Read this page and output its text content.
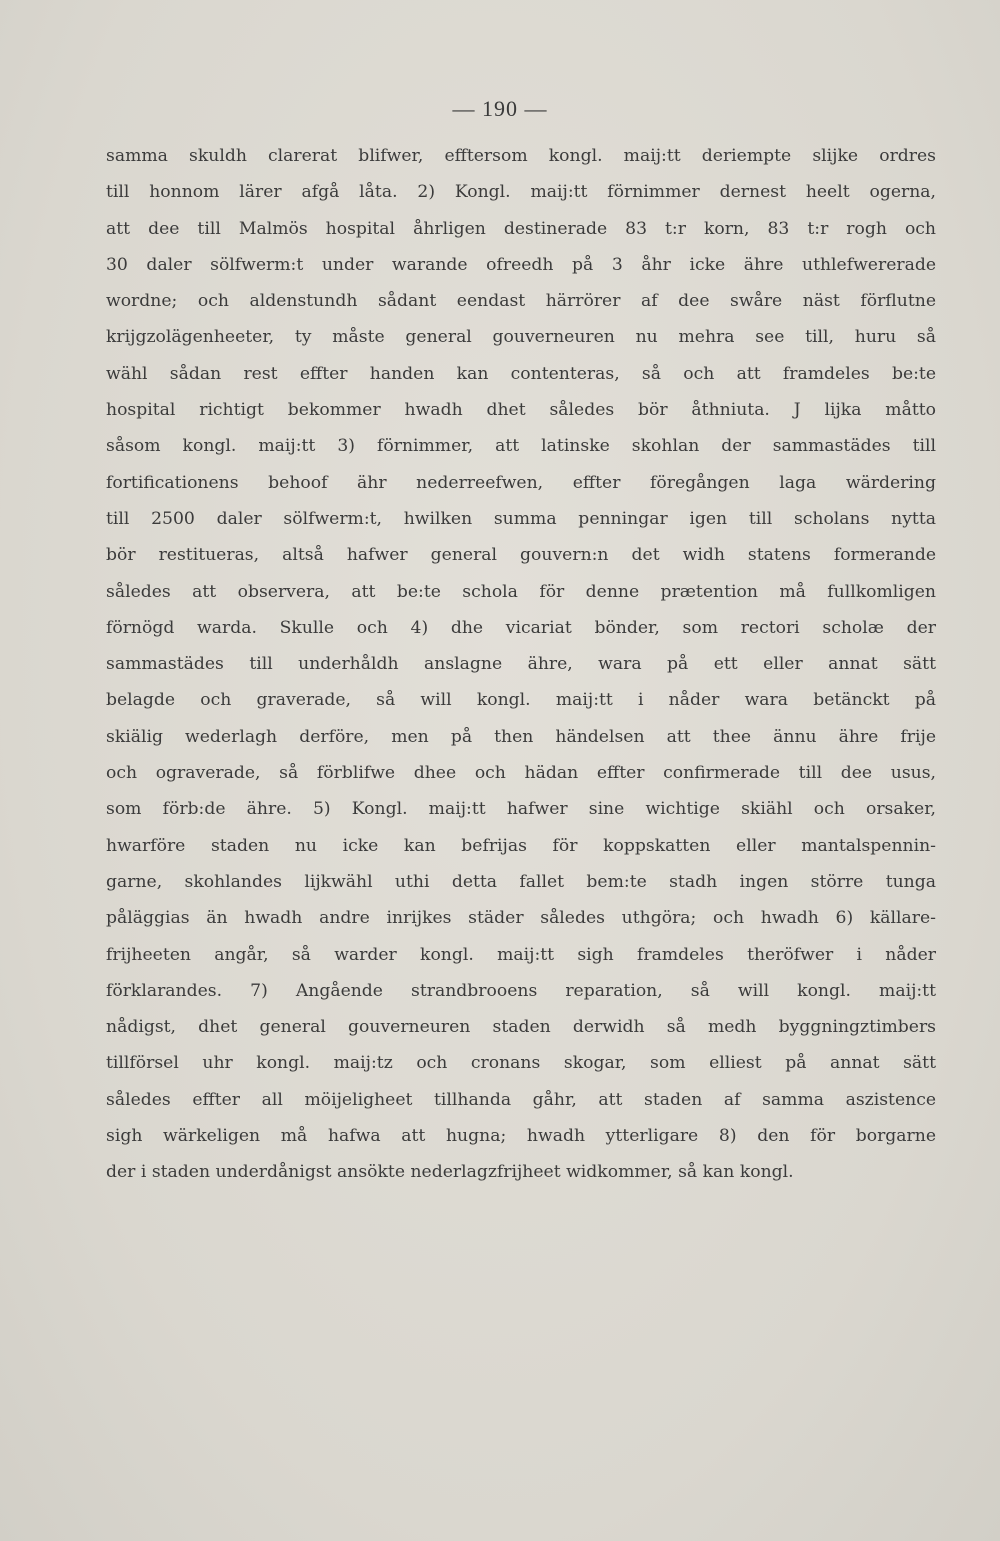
— 190 —
samma skuldh clarerat blifwer, efftersom kongl. maij:tt deriempte slijke ordres
till honnom lärer afgå låta. 2) Kongl. maij:tt förnimmer dernest heelt ogerna,
att dee till Malmös hospital åhrligen destinerade 83 t:r korn, 83 t:r rogh och
30 daler sölfwerm:t under warande ofreedh på 3 åhr icke ähre uthlefwererade
wordne; och aldenstundh sådant eendast härrörer af dee swåre näst förflutne
krijgzolägenheeter, ty måste general gouverneuren nu mehra see till, huru så
wähl sådan rest effter handen kan contenteras, så och att framdeles be:te
hospital richtigt bekommer hwadh dhet således bör åthniuta. J lijka måtto
såsom kongl. maij:tt 3) förnimmer, att latinske skohlan der sammastädes till
fortificationens behoof ähr nederreefwen, effter föregången laga wärdering
till 2500 daler sölfwerm:t, hwilken summa penningar igen till scholans nytta
bör restitueras, altså hafwer general gouvern:n det widh statens formerande
således att observera, att be:te schola för denne prætention må fullkomligen
förnögd warda. Skulle och 4) dhe vicariat bönder, som rectori scholæ der
sammastädes till underhåldh anslagne ähre, wara på ett eller annat sätt
belagde och graverade, så will kongl. maij:tt i nåder wara betänckt på
skiälig wederlagh derföre, men på then händelsen att thee ännu ähre frije
och ograverade, så förblifwe dhee och hädan effter confirmerade till dee usus,
som förb:de ähre. 5) Kongl. maij:tt hafwer sine wichtige skiähl och orsaker,
hwarföre staden nu icke kan befrijas för koppskatten eller mantalspennin-
garne, skohlandes lijkwähl uthi detta fallet bem:te stadh ingen större tunga
påläggias än hwadh andre inrijkes städer således uthgöra; och hwadh 6) källare-
frijheeten angår, så warder kongl. maij:tt sigh framdeles theröfwer i nåder
förklarandes. 7) Angående strandbrooens reparation, så will kongl. maij:tt
nådigst, dhet general gouverneuren staden derwidh så medh byggningztimbers
tillförsel uhr kongl. maij:tz och cronans skogar, som elliest på annat sätt
således effter all möijeligheet tillhanda gåhr, att staden af samma aszistence
sigh wärkeligen må hafwa att hugna; hwadh ytterligare 8) den för borgarne
der i staden underdånigst ansökte nederlagzfrijheet widkommer, så kan kongl.
